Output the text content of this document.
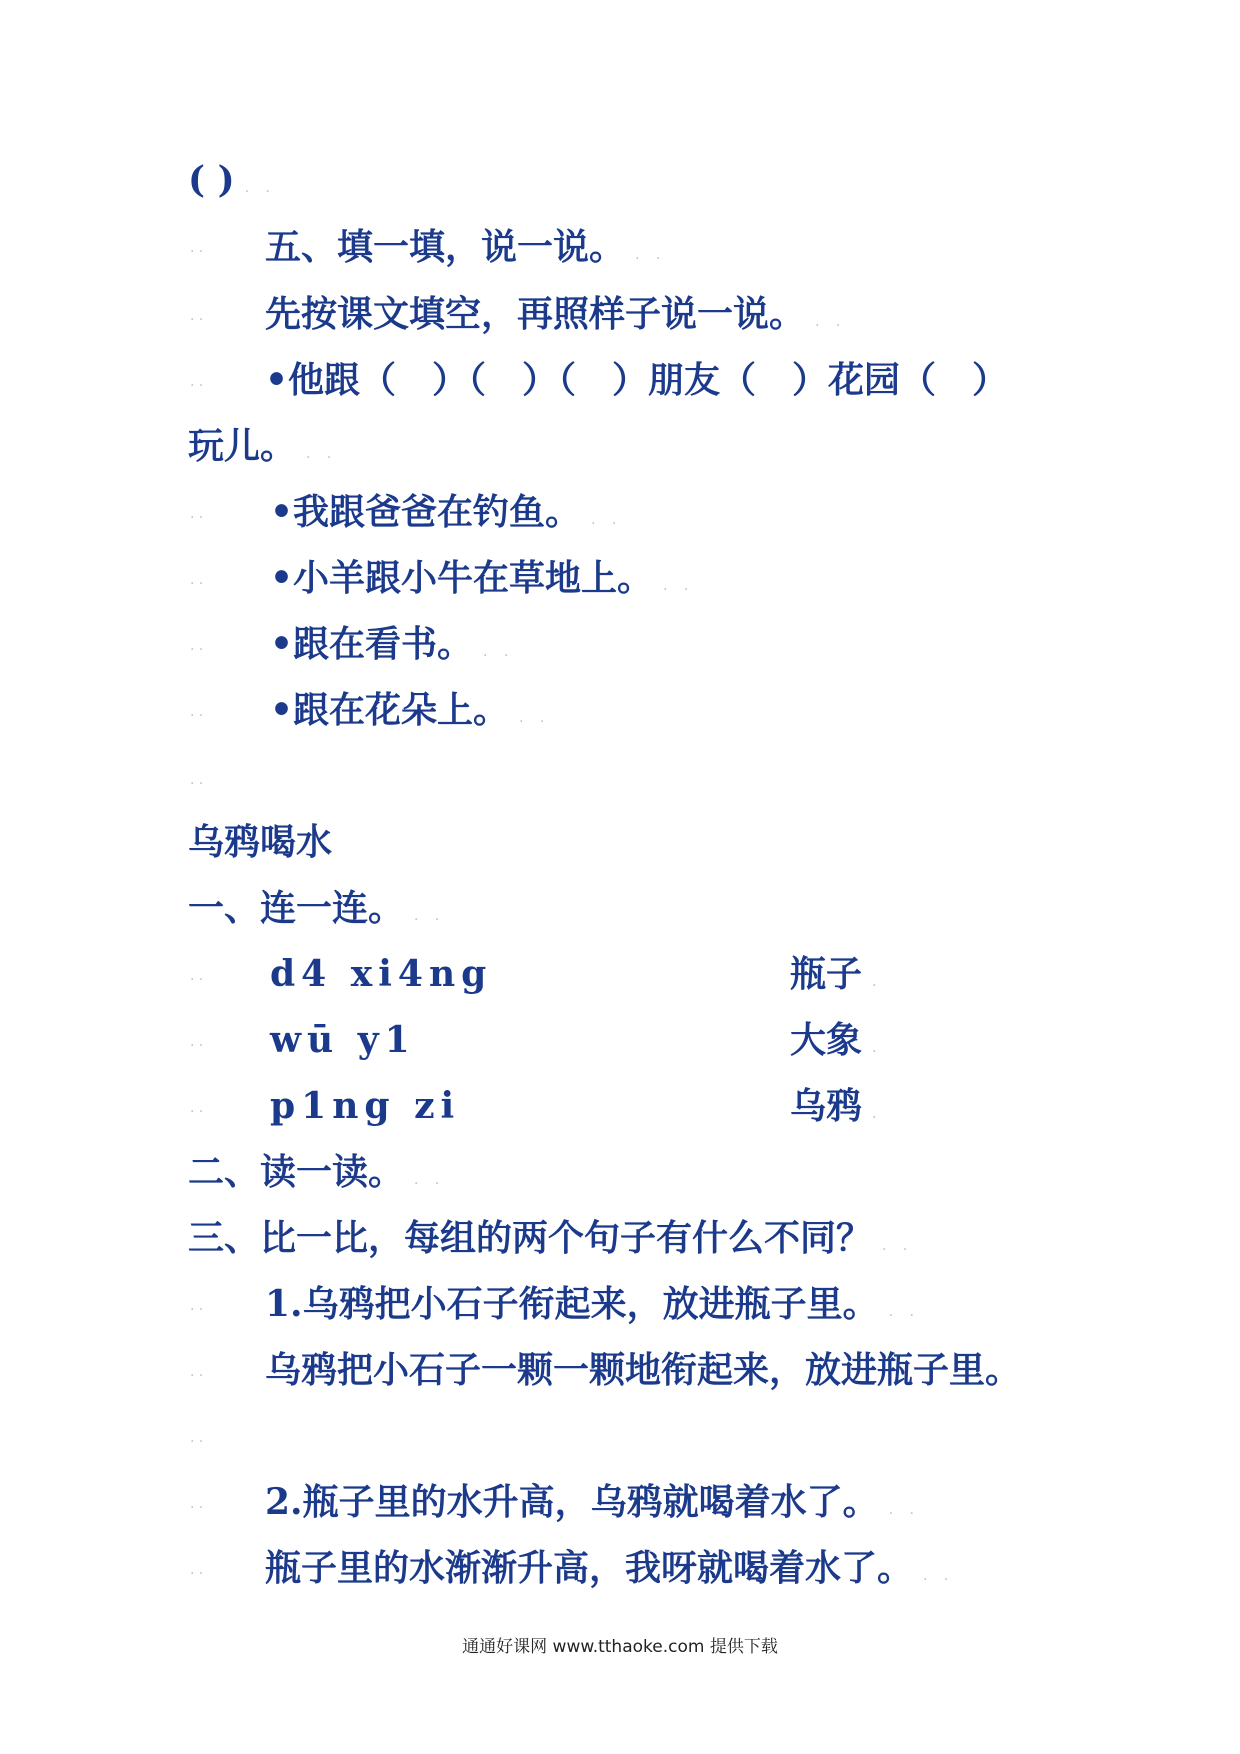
( ) . .
五、填一填，说一说。 . .
. .
先按课文填空，再照样子说一说。 . .
. .
•他跟（　）（　）（　）朋友（　）花园（　）
. .
玩儿。 . .
•我跟爸爸在钓鱼。 . .
. .
•小羊跟小牛在草地上。 . .
. .
•跟在看书。 . .
. .
•跟在花朵上。 . .
. .
. .
乌鸦喝水
一、连一连。 . .
d4 xi4ng	瓶子 .
. .
wū y1	大象 .
. .
p1ng zi	乌鸦 .
. .
二、读一读。 . .
三、比一比，每组的两个句子有什么不同？ . .
1.乌鸦把小石子衔起来，放进瓶子里。 . .
. .
乌鸦把小石子一颗一颗地衔起来，放进瓶子里。
. .
. .
2.瓶子里的水升高，乌鸦就喝着水了。 . .
. .
瓶子里的水渐渐升高，我呀就喝着水了。 . .
. .
通通好课网 www.tthaoke.com 提供下载
